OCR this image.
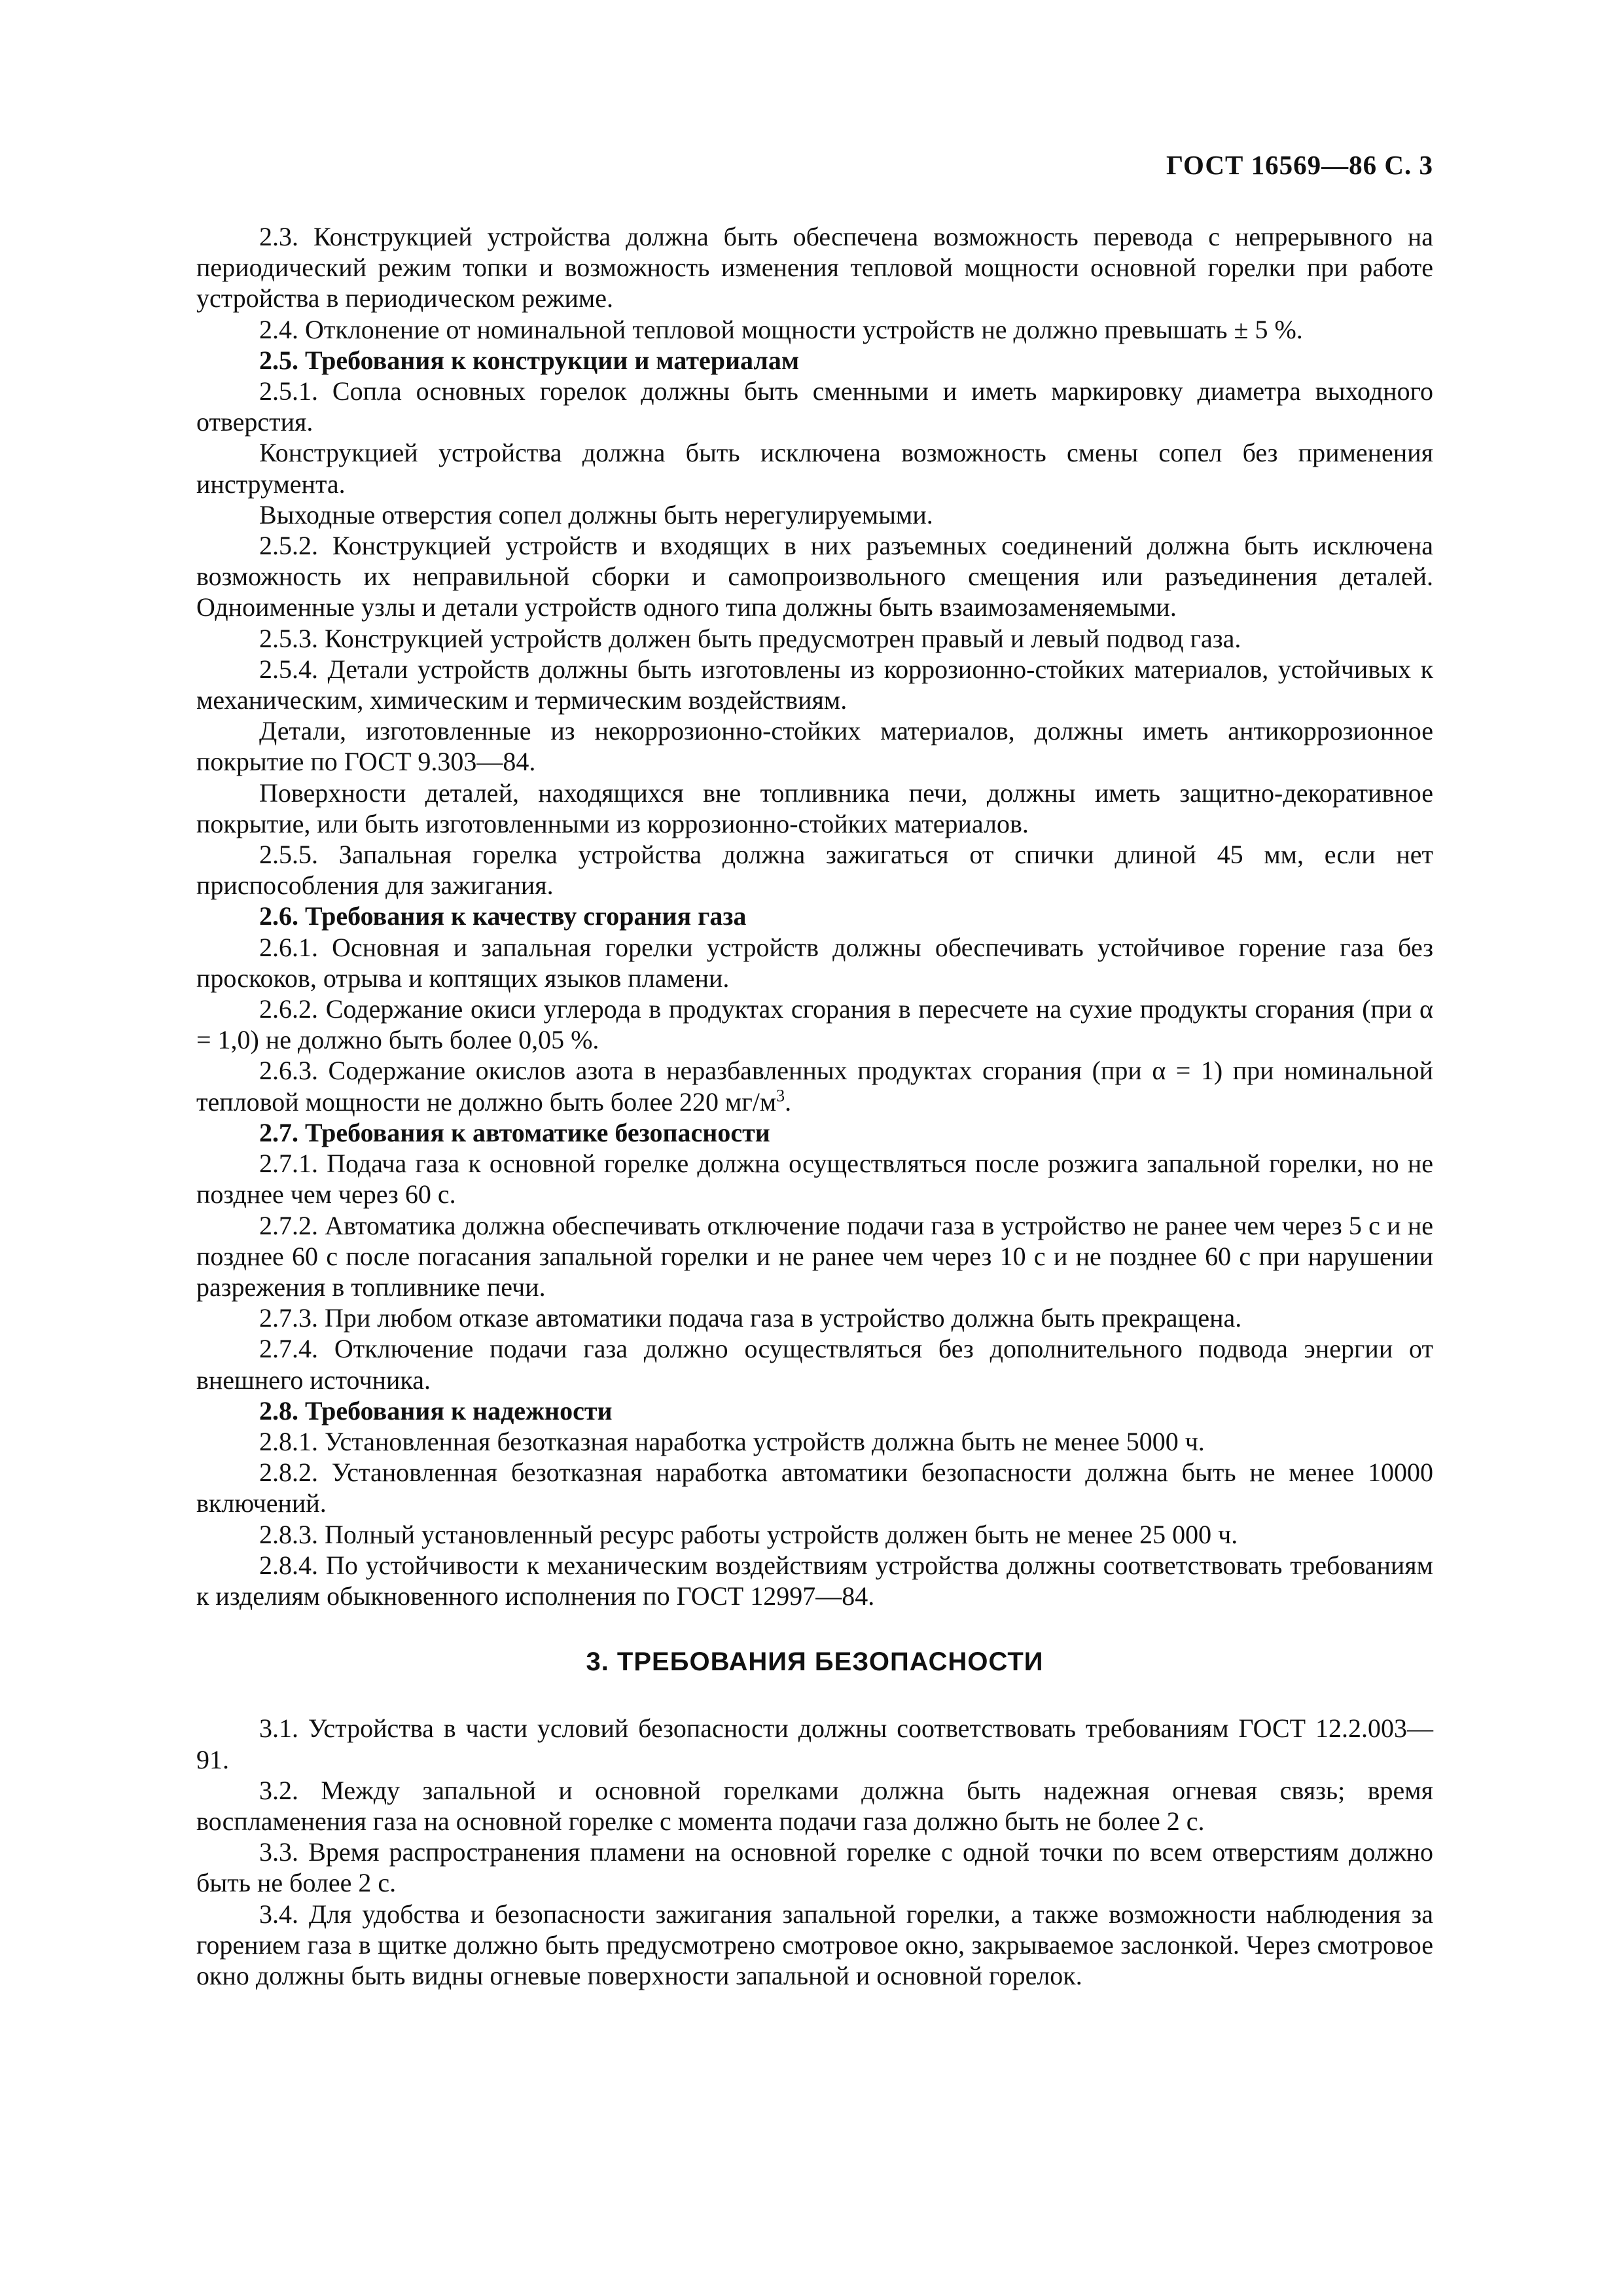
ГОСТ 16569—86 С. 3

2.3. Конструкцией устройства должна быть обеспечена возможность перевода с непрерывного на периодический режим топки и возможность изменения тепловой мощности основной горелки при работе устройства в периодическом режиме.

2.4. Отклонение от номинальной тепловой мощности устройств не должно превышать ± 5 %.

2.5. Требования к конструкции и материалам

2.5.1. Сопла основных горелок должны быть сменными и иметь маркировку диаметра выходного отверстия.

Конструкцией устройства должна быть исключена возможность смены сопел без применения инструмента.

Выходные отверстия сопел должны быть нерегулируемыми.

2.5.2. Конструкцией устройств и входящих в них разъемных соединений должна быть исключена возможность их неправильной сборки и самопроизвольного смещения или разъединения деталей. Одноименные узлы и детали устройств одного типа должны быть взаимозаменяемыми.

2.5.3. Конструкцией устройств должен быть предусмотрен правый и левый подвод газа.

2.5.4. Детали устройств должны быть изготовлены из коррозионно-стойких материалов, устойчивых к механическим, химическим и термическим воздействиям.

Детали, изготовленные из некоррозионно-стойких материалов, должны иметь антикоррозионное покрытие по ГОСТ 9.303—84.

Поверхности деталей, находящихся вне топливника печи, должны иметь защитно-декоративное покрытие, или быть изготовленными из коррозионно-стойких материалов.

2.5.5. Запальная горелка устройства должна зажигаться от спички длиной 45 мм, если нет приспособления для зажигания.

2.6. Требования к качеству сгорания газа

2.6.1. Основная и запальная горелки устройств должны обеспечивать устойчивое горение газа без проскоков, отрыва и коптящих языков пламени.

2.6.2. Содержание окиси углерода в продуктах сгорания в пересчете на сухие продукты сгорания (при α = 1,0) не должно быть более 0,05 %.

2.6.3. Содержание окислов азота в неразбавленных продуктах сгорания (при α = 1) при номинальной тепловой мощности не должно быть более 220 $мг/м^3$.

2.7. Требования к автоматике безопасности

2.7.1. Подача газа к основной горелке должна осуществляться после розжига запальной горелки, но не позднее чем через 60 с.

2.7.2. Автоматика должна обеспечивать отключение подачи газа в устройство не ранее чем через 5 с и не позднее 60 с после погасания запальной горелки и не ранее чем через 10 с и не позднее 60 с при нарушении разрежения в топливнике печи.

2.7.3. При любом отказе автоматики подача газа в устройство должна быть прекращена.

2.7.4. Отключение подачи газа должно осуществляться без дополнительного подвода энергии от внешнего источника.

2.8. Требования к надежности

2.8.1. Установленная безотказная наработка устройств должна быть не менее 5000 ч.

2.8.2. Установленная безотказная наработка автоматики безопасности должна быть не менее 10000 включений.

2.8.3. Полный установленный ресурс работы устройств должен быть не менее 25 000 ч.

2.8.4. По устойчивости к механическим воздействиям устройства должны соответствовать требованиям к изделиям обыкновенного исполнения по ГОСТ 12997—84.

3. ТРЕБОВАНИЯ БЕЗОПАСНОСТИ

3.1. Устройства в части условий безопасности должны соответствовать требованиям ГОСТ 12.2.003—91.

3.2. Между запальной и основной горелками должна быть надежная огневая связь; время воспламенения газа на основной горелке с момента подачи газа должно быть не более 2 с.

3.3. Время распространения пламени на основной горелке с одной точки по всем отверстиям должно быть не более 2 с.

3.4. Для удобства и безопасности зажигания запальной горелки, а также возможности наблюдения за горением газа в щитке должно быть предусмотрено смотровое окно, закрываемое заслонкой. Через смотровое окно должны быть видны огневые поверхности запальной и основной горелок.
